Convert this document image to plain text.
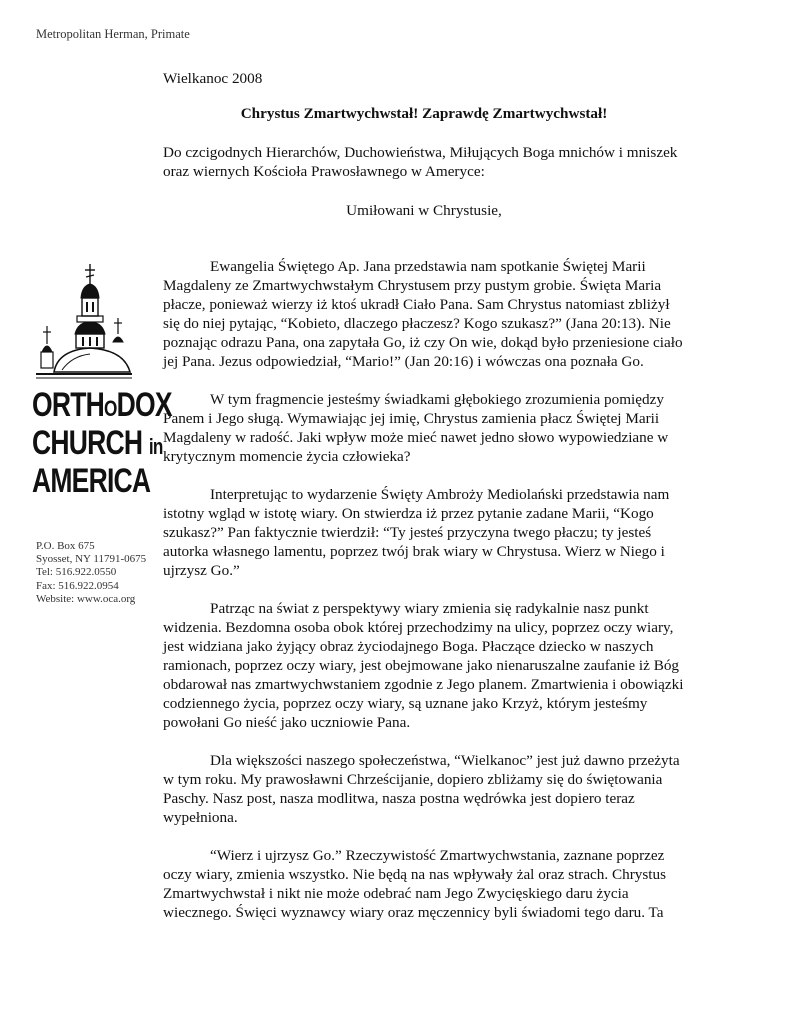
Metropolitan Herman, Primate
ORTHODOX
CHURCH in
AMERICA
P.O. Box 675
Syosset, NY 11791-0675
Tel: 516.922.0550
Fax: 516.922.0954
Website: www.oca.org

Wielkanoc 2008

Chrystus Zmartwychwstał! Zaprawdę Zmartwychwstał!

Do czcigodnych Hierarchów, Duchowieństwa, Miłujących Boga mnichów i mniszek oraz wiernych Kościoła Prawosławnego w Ameryce:

Umiłowani w Chrystusie,

Ewangelia Świętego Ap. Jana przedstawia nam spotkanie Świętej Marii Magdaleny ze Zmartwychwstałym Chrystusem przy pustym grobie. Święta Maria płacze, ponieważ wierzy iż ktoś ukradł Ciało Pana. Sam Chrystus natomiast zbliżył się do niej pytając, “Kobieto, dlaczego płaczesz? Kogo szukasz?” (Jana 20:13). Nie poznając odrazu Pana, ona zapytała Go, iż czy On wie, dokąd było przeniesione ciało jej Pana. Jezus odpowiedział, “Mario!” (Jan 20:16) i wówczas ona poznała Go.

W tym fragmencie jesteśmy świadkami głębokiego zrozumienia pomiędzy Panem i Jego sługą. Wymawiając jej imię, Chrystus zamienia płacz Świętej Marii Magdaleny w radość. Jaki wpływ może mieć nawet jedno słowo wypowiedziane w krytycznym momencie życia człowieka?

Interpretując to wydarzenie Święty Ambroży Mediolański przedstawia nam istotny wgląd w istotę wiary. On stwierdza iż przez pytanie zadane Marii, “Kogo szukasz?” Pan faktycznie twierdził: “Ty jesteś przyczyna twego płaczu; ty jesteś autorka własnego lamentu, poprzez twój brak wiary w Chrystusa. Wierz w Niego i ujrzysz Go.”

Patrząc na świat z perspektywy wiary zmienia się radykalnie nasz punkt widzenia. Bezdomna osoba obok której przechodzimy na ulicy, poprzez oczy wiary, jest widziana jako żyjący obraz życiodajnego Boga. Płaczące dziecko w naszych ramionach, poprzez oczy wiary, jest obejmowane jako nienaruszalne zaufanie iż Bóg obdarował nas zmartwychwstaniem zgodnie z Jego planem. Zmartwienia i obowiązki codziennego życia, poprzez oczy wiary, są uznane jako Krzyż, którym jesteśmy powołani Go nieść jako uczniowie Pana.

Dla większości naszego społeczeństwa, “Wielkanoc” jest już dawno przeżyta w tym roku. My prawosławni Chrześcijanie, dopiero zbliżamy się do świętowania Paschy. Nasz post, nasza modlitwa, nasza postna wędrówka jest dopiero teraz wypełniona.

“Wierz i ujrzysz Go.” Rzeczywistość Zmartwychwstania, zaznane poprzez oczy wiary, zmienia wszystko. Nie będą na nas wpływały żal oraz strach. Chrystus Zmartwychwstał i nikt nie może odebrać nam Jego Zwycięskiego daru życia wiecznego. Święci wyznawcy wiary oraz męczennicy byli świadomi tego daru. Ta
